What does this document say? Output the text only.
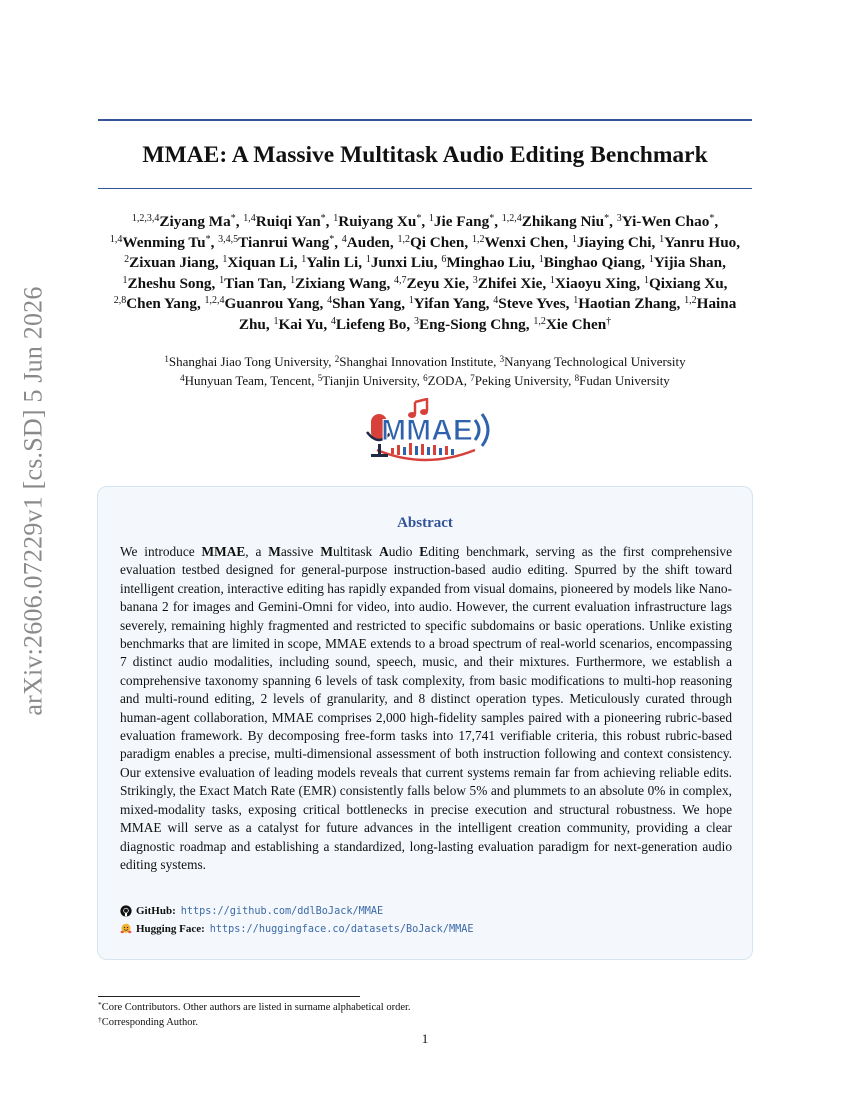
arXiv:2606.07229v1 [cs.SD] 5 Jun 2026
MMAE: A Massive Multitask Audio Editing Benchmark
$^{1,2,3,4}$Ziyang Ma*, $^{1,4}$Ruiqi Yan*, $^1$Ruiyang Xu*, $^1$Jie Fang*, $^{1,2,4}$Zhikang Niu*, $^3$Yi-Wen Chao*, $^{1,4}$Wenming Tu*, $^{3,4,5}$Tianrui Wang*, $^4$Auden, $^{1,2}$Qi Chen, $^{1,2}$Wenxi Chen, $^1$Jiaying Chi, $^1$Yanru Huo, $^2$Zixuan Jiang, $^1$Xiquan Li, $^1$Yalin Li, $^1$Junxi Liu, $^6$Minghao Liu, $^1$Binghao Qiang, $^1$Yijia Shan, $^1$Zheshu Song, $^1$Tian Tan, $^1$Zixiang Wang, $^{4,7}$Zeyu Xie, $^3$Zhifei Xie, $^1$Xiaoyu Xing, $^1$Qixiang Xu, $^{2,8}$Chen Yang, $^{1,2,4}$Guanrou Yang, $^4$Shan Yang, $^1$Yifan Yang, $^4$Steve Yves, $^1$Haotian Zhang, $^{1,2}$Haina Zhu, $^1$Kai Yu, $^4$Liefeng Bo, $^3$Eng-Siong Chng, $^{1,2}$Xie Chen†
$^1$Shanghai Jiao Tong University, $^2$Shanghai Innovation Institute, $^3$Nanyang Technological University
$^4$Hunyuan Team, Tencent, $^5$Tianjin University, $^6$ZODA, $^7$Peking University, $^8$Fudan University
MMAE
Abstract
We introduce MMAE, a Massive Multitask Audio Editing benchmark, serving as the first comprehensive evaluation testbed designed for general-purpose instruction-based audio editing. Spurred by the shift toward intelligent creation, interactive editing has rapidly expanded from visual domains, pioneered by models like Nano-banana 2 for images and Gemini-Omni for video, into audio. However, the current evaluation infrastructure lags severely, remaining highly fragmented and restricted to specific subdomains or basic operations. Unlike existing benchmarks that are limited in scope, MMAE extends to a broad spectrum of real-world scenarios, encompassing 7 distinct audio modalities, including sound, speech, music, and their mixtures. Furthermore, we establish a comprehensive taxonomy spanning 6 levels of task complexity, from basic modifications to multi-hop reasoning and multi-round editing, 2 levels of granularity, and 8 distinct operation types. Meticulously curated through human-agent collaboration, MMAE comprises 2,000 high-fidelity samples paired with a pioneering rubric-based evaluation framework. By decomposing free-form tasks into 17,741 verifiable criteria, this robust rubric-based paradigm enables a precise, multi-dimensional assessment of both instruction following and context consistency. Our extensive evaluation of leading models reveals that current systems remain far from achieving reliable edits. Strikingly, the Exact Match Rate (EMR) consistently falls below 5% and plummets to an absolute 0% in complex, mixed-modality tasks, exposing critical bottlenecks in precise execution and structural robustness. We hope MMAE will serve as a catalyst for future advances in the intelligent creation community, providing a clear diagnostic roadmap and establishing a standardized, long-lasting evaluation paradigm for next-generation audio editing systems.
GitHub: https://github.com/ddlBoJack/MMAE
Hugging Face: https://huggingface.co/datasets/BoJack/MMAE
*Core Contributors. Other authors are listed in surname alphabetical order.
†Corresponding Author.
1
